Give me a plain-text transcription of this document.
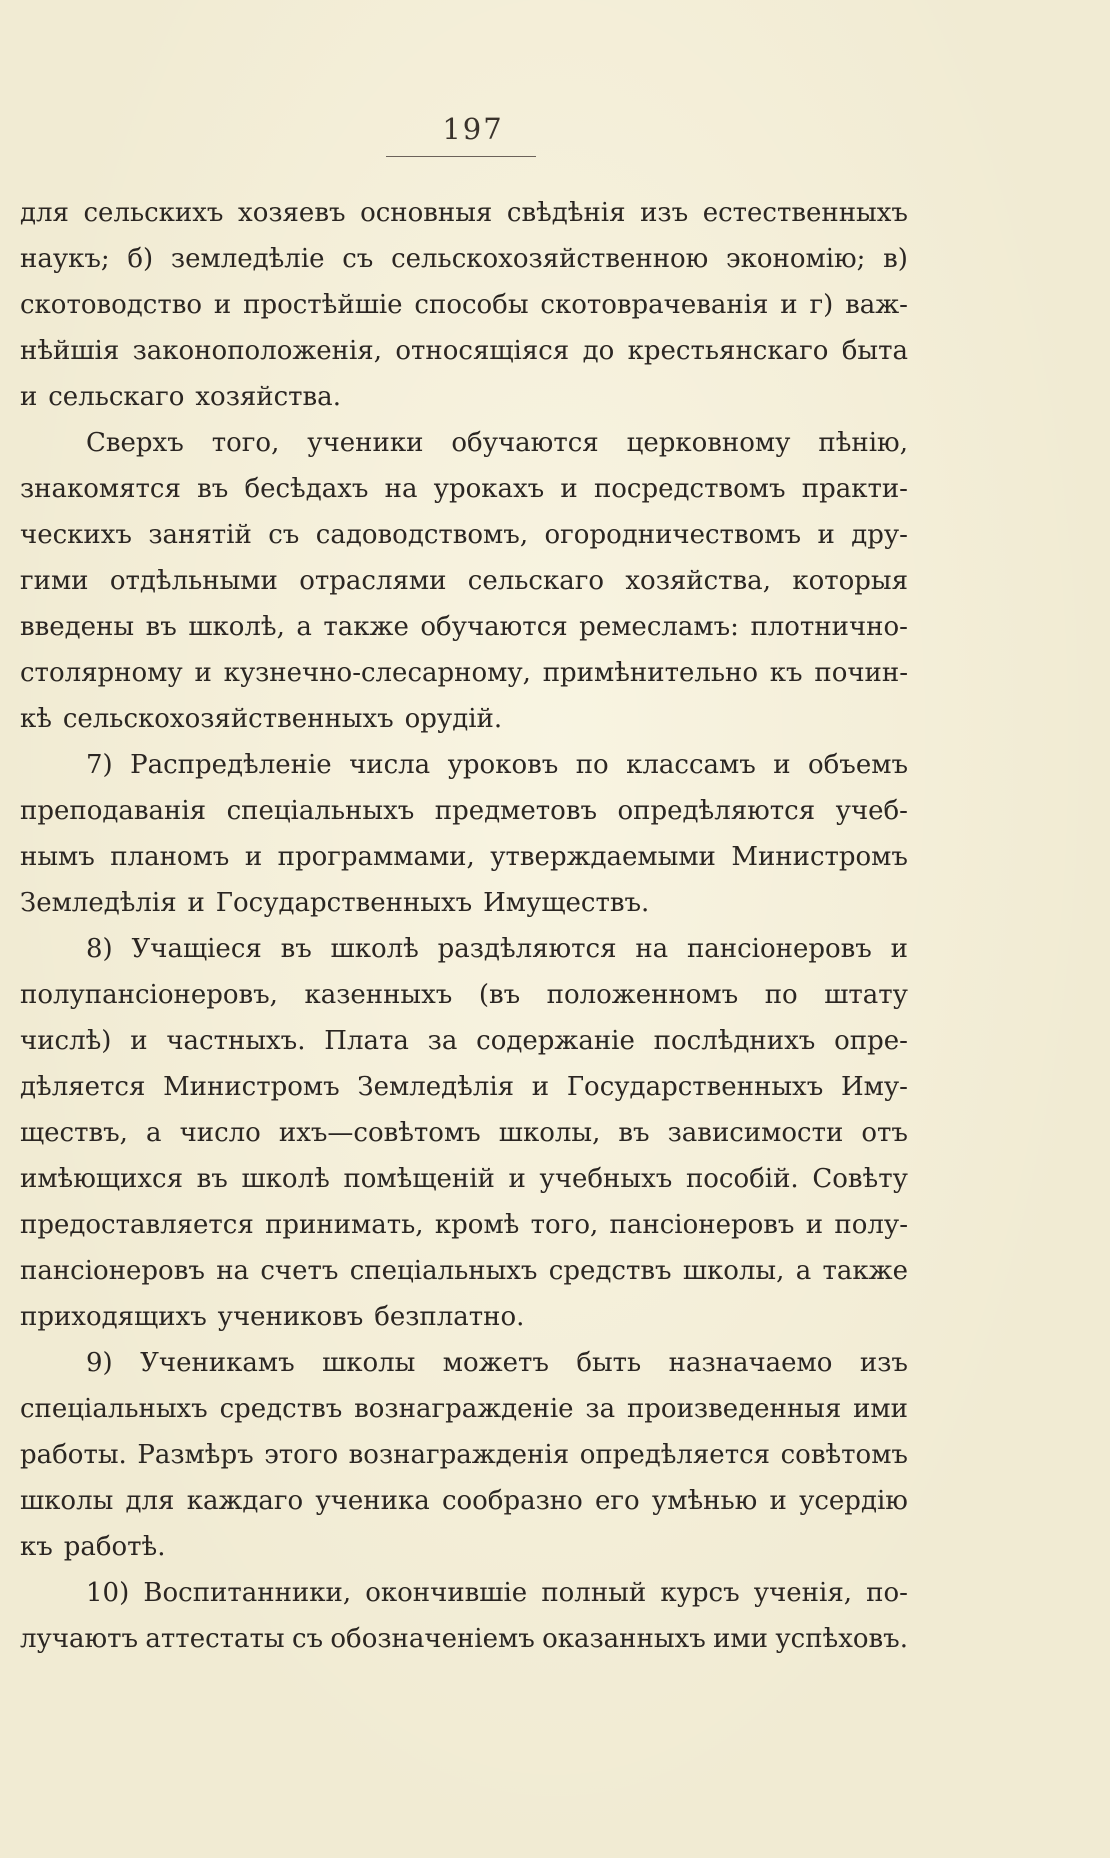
197
для сельскихъ хозяевъ основныя свѣдѣнія изъ естественныхъ
наукъ; б) земледѣліе съ сельскохозяйственною экономію; в)
скотоводство и простѣйшіе способы скотоврачеванія и г) важ-
нѣйшія законоположенія, относящіяся до крестьянскаго быта
и сельскаго хозяйства.
Сверхъ того, ученики обучаются церковному пѣнію,
знакомятся въ бесѣдахъ на урокахъ и посредствомъ практи-
ческихъ занятій съ садоводствомъ, огородничествомъ и дру-
гими отдѣльными отраслями сельскаго хозяйства, которыя
введены въ школѣ, а также обучаются ремесламъ: плотнично-
столярному и кузнечно-слесарному, примѣнительно къ почин-
кѣ сельскохозяйственныхъ орудій.
7) Распредѣленіе числа уроковъ по классамъ и объемъ
преподаванія спеціальныхъ предметовъ опредѣляются учеб-
нымъ планомъ и программами, утверждаемыми Министромъ
Земледѣлія и Государственныхъ Имуществъ.
8) Учащіеся въ школѣ раздѣляются на пансіонеровъ и
полупансіонеровъ, казенныхъ (въ положенномъ по штату
числѣ) и частныхъ. Плата за содержаніе послѣднихъ опре-
дѣляется Министромъ Земледѣлія и Государственныхъ Иму-
ществъ, а число ихъ—совѣтомъ школы, въ зависимости отъ
имѣющихся въ школѣ помѣщеній и учебныхъ пособій. Совѣту
предоставляется принимать, кромѣ того, пансіонеровъ и полу-
пансіонеровъ на счетъ спеціальныхъ средствъ школы, а также
приходящихъ учениковъ безплатно.
9) Ученикамъ школы можетъ быть назначаемо изъ
спеціальныхъ средствъ вознагражденіе за произведенныя ими
работы. Размѣръ этого вознагражденія опредѣляется совѣтомъ
школы для каждаго ученика сообразно его умѣнью и усердію
къ работѣ.
10) Воспитанники, окончившіе полный курсъ ученія, по-
лучаютъ аттестаты съ обозначеніемъ оказанныхъ ими успѣховъ.
